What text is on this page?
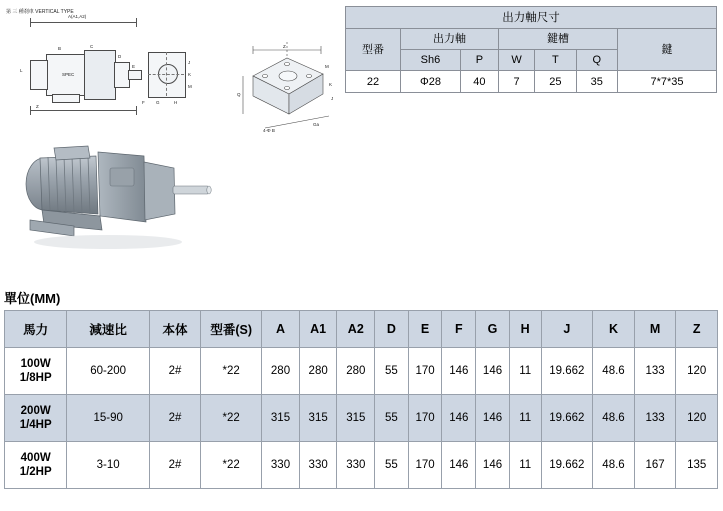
出力軸尺寸						
型番	出力軸		鍵槽			鍵
	Sh6	P	W	T	Q	
22	Φ28	40	7	25	35	7*7*35
第 三 種刹車 VERTICAL TYPE
A(A1,A2)
L
B	C
D
E
F	G	H
J
K
M
Z
SPEC
Z
M
K
J
Q
4-Φ B
Ga
單位(MM)
馬力	減速比	本体	型番(S)	A	A1	A2	D	E	F	G	H	J	K	M	Z

100W
1/8HP	60-200	2#	*22	280	280	280	55	170	146	146	11	19.662	48.6	133	120

200W
1/4HP	15-90	2#	*22	315	315	315	55	170	146	146	11	19.662	48.6	133	120

400W
1/2HP	3-10	2#	*22	330	330	330	55	170	146	146	11	19.662	48.6	167	135
